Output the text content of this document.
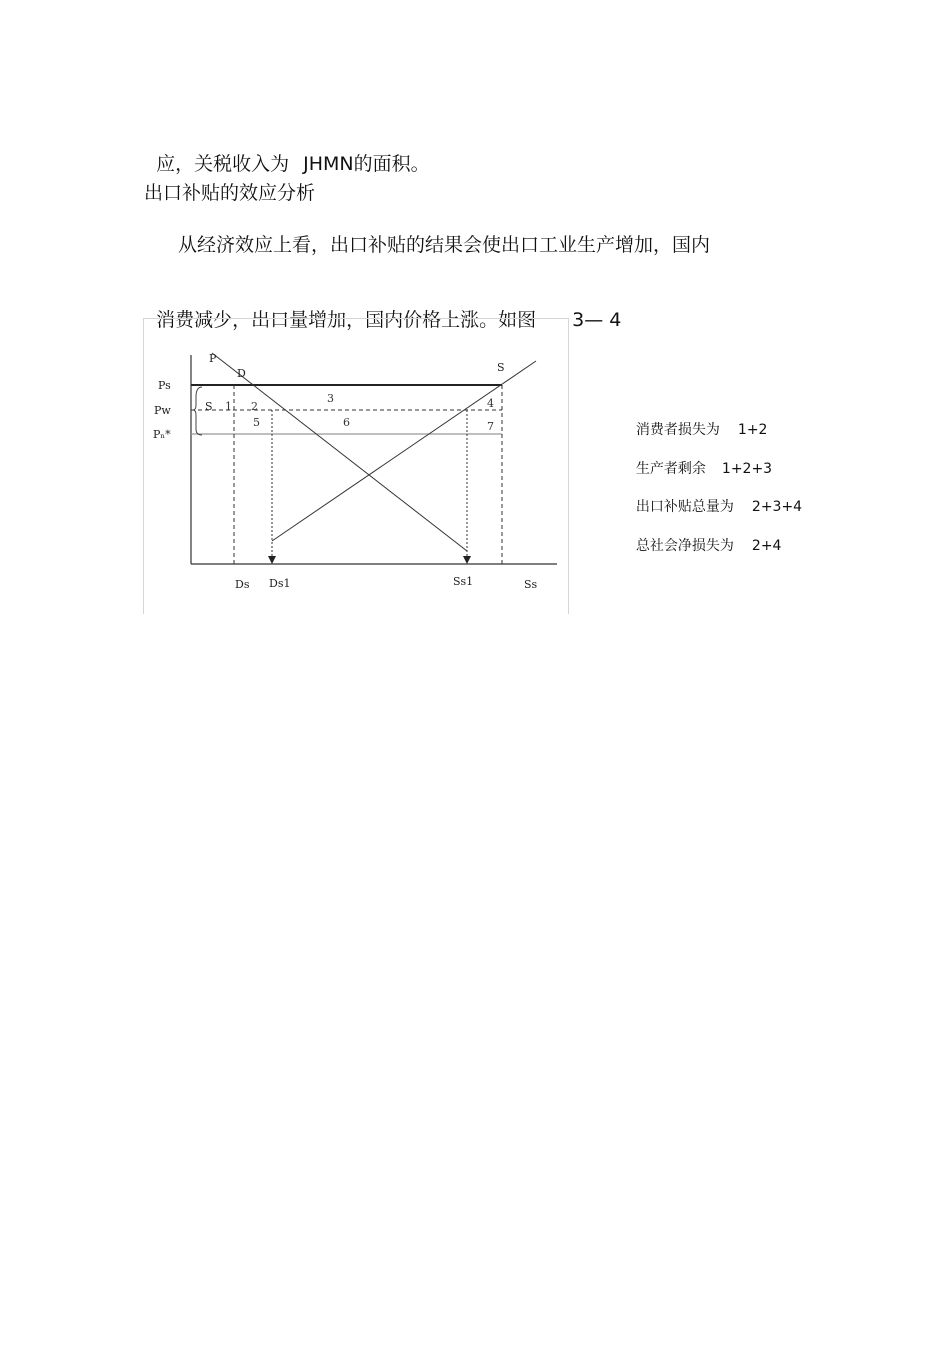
应，关税收入为 JHMN的面积。

出口补贴的效应分析
从经济效应上看，出口补贴的结果会使出口工业生产增加，国内

消费减少，出口量增加，国内价格上涨。如图 3— 4

P
D	S
Ps
Pw
Pₙ*
S
Ds Ds1	Ss1	Ss
1 2
3	4
5	6	7	消费者损失为 1+2

生产者剩余 1+2+3

出口补贴总量为 2+3+4

总社会净损失为 2+4
